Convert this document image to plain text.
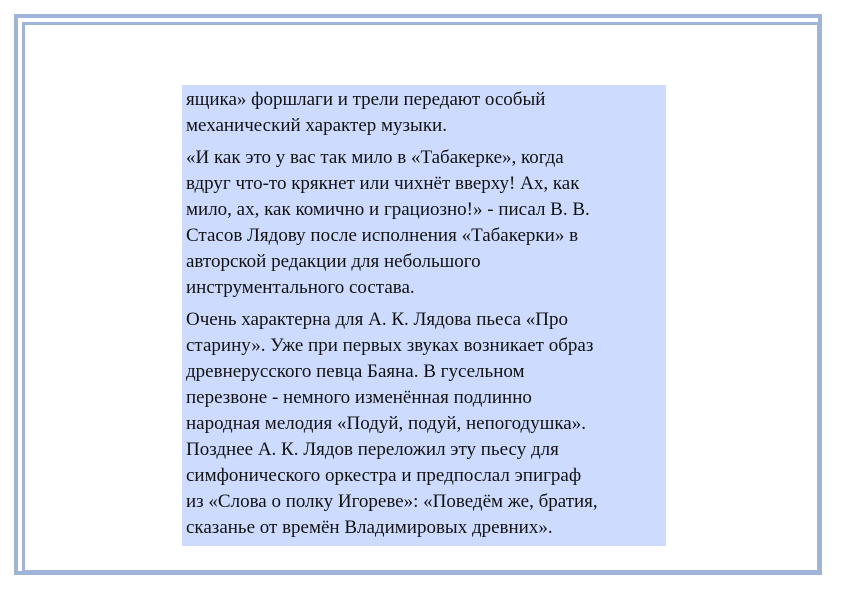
ящика» форшлаги и трели передают особый
механический характер музыки.

«И как это у вас так мило в «Табакерке», когда
вдруг что-то крякнет или чихнёт вверху! Ах, как
мило, ах, как комично и грациозно!» - писал В. В.
Стасов Лядову после исполнения «Табакерки» в
авторской редакции для небольшого
инструментального состава.

Очень характерна для А. К. Лядова пьеса «Про
старину». Уже при первых звуках возникает образ
древнерусского певца Баяна. В гусельном
перезвоне - немного изменённая подлинно
народная мелодия «Подуй, подуй, непогодушка».
Позднее А. К. Лядов переложил эту пьесу для
симфонического оркестра и предпослал эпиграф
из «Слова о полку Игореве»: «Поведём же, братия,
сказанье от времён Владимировых древних».
